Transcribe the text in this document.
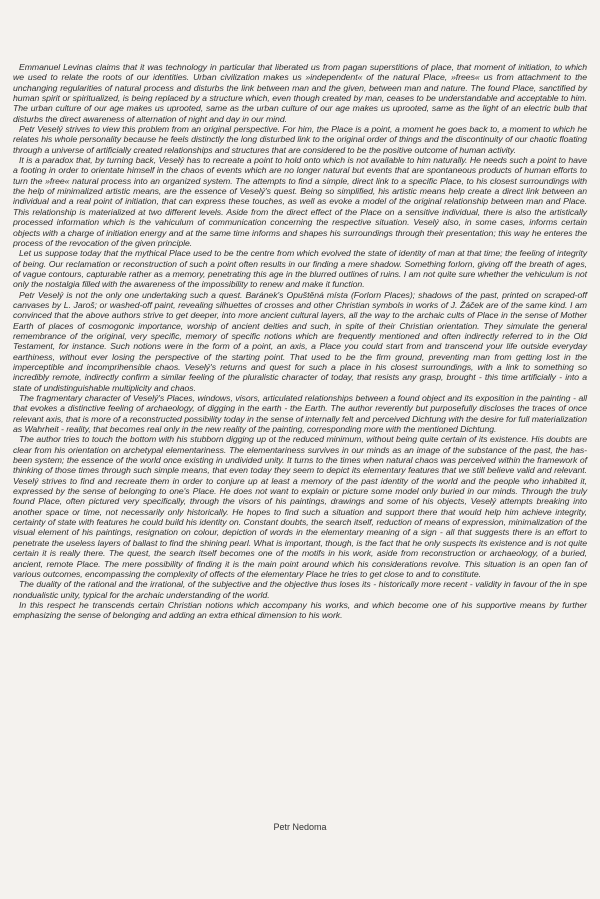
Emmanuel Levinas claims that it was technology in particular that liberated us from pagan superstitions of place, that moment of initiation, to which we used to relate the roots of our identities. Urban civilization makes us »independent« of the natural Place, »frees« us from attachment to the unchanging regularities of natural process and disturbs the link between man and the given, between man and nature. The found Place, sanctified by human spirit or spiritualized, is being replaced by a structure which, even though created by man, ceases to be understandable and acceptable to him. The urban culture of our age makes us uprooted, same as the urban culture of our age makes us uprooted, same as the light of an electric bulb that disturbs the direct awareness of alternation of night and day in our mind.

Petr Veselý strives to view this problem from an original perspective. For him, the Place is a point, a moment he goes back to, a moment to which he relates his whole personality because he feels distinctly the long disturbed link to the original order of things and the discontinuity of our chaotic floating through a universe of artificially created relationships and structures that are considered to be the positive outcome of human activity.

It is a paradox that, by turning back, Veselý has to recreate a point to hold onto which is not available to him naturally. He needs such a point to have a footing in order to orientate himself in the chaos of events which are no longer natural but events that are spontaneous products of human efforts to turn the »free« natural process into an organized system. The attempts to find a simple, direct link to a specific Place, to his closest surroundings with the help of minimalized artistic means, are the essence of Veselý's quest. Being so simplified, his artistic means help create a direct link between an individual and a real point of initiation, that can express these touches, as well as evoke a model of the original relationship between man and Place. This relationship is materialized at two different levels. Aside from the direct effect of the Place on a sensitive individual, there is also the artistically processed information which is the vahiculum of communication concerning the respective situation. Veselý also, in some cases, informs certain objects with a charge of initiation energy and at the same time informs and shapes his surroundings through their presentation; this way he enteres the process of the revocation of the given principle.

Let us suppose today that the mythical Place used to be the centre from which evolved the state of identity of man at that time; the feeling of integrity of being. Our reclamation or reconstruction of such a point often results in our finding a mere shadow. Something forlorn, giving off the breath of ages, of vague contours, capturable rather as a memory, penetrating this age in the blurred outlines of ruins. I am not quite sure whether the vehiculum is not only the nostalgia filled with the awareness of the impossibility to renew and make it function.

Petr Veselý is not the only one undertaking such a quest. Baránek's Opuštěná místa (Forlorn Places); shadows of the past, printed on scraped-off canvases by L. Jaroš; or washed-off paint, revealing silhuettes of crosses and other Christian symbols in works of J. Žáček are of the same kind. I am convinced that the above authors strive to get deeper, into more ancient cultural layers, all the way to the archaic cults of Place in the sense of Mother Earth of places of cosmogonic importance, worship of ancient deities and such, in spite of their Christian orientation. They simulate the general remembrance of the original, very specific, memory of specific notions which are frequently mentioned and often indirectly referred to in the Old Testament, for instance. Such notions were in the form of a point, an axis, a Place you could start from and transcend your life outside everyday earthiness, without ever losing the perspective of the starting point. That used to be the firm ground, preventing man from getting lost in the imperceptible and incomprihensible chaos. Veselý's returns and quest for such a place in his closest surroundings, with a link to something so incredibly remote, indirectly confirm a similar feeling of the pluralistic character of today, that resists any grasp, brought - this time artificially - into a state of undistinguishable multiplicity and chaos.

The fragmentary character of Veselý's Places, windows, visors, articulated relationships between a found object and its exposition in the painting - all that evokes a distinctive feeling of archaeology, of digging in the earth - the Earth. The author reverently but purposefully discloses the traces of once relevant axis, that is more of a reconstructed possibility today in the sense of internally felt and perceived Dichtung with the desire for full materialization as Wahrheit - reality, that becomes real only in the new reality of the painting, corresponding more with the mentioned Dichtung.

The author tries to touch the bottom with his stubborn digging up ot the reduced minimum, without being quite certain of its existence. His doubts are clear from his orientation on archetypal elementariness. The elementariness survives in our minds as an image of the substance of the past, the has-been system; the essence of the world once existing in undivided unity. It turns to the times when natural chaos was perceived within the framework of thinking of those times through such simple means, that even today they seem to depict its elementary features that we still believe valid and relevant. Veselý strives to find and recreate them in order to conjure up at least a memory of the past identity of the world and the people who inhabited it, expressed by the sense of belonging to one's Place. He does not want to explain or picture some model only buried in our minds. Through the truly found Place, often pictured very specifically, through the visors of his paintings, drawings and some of his objects, Veselý attempts breaking into another space or time, not necessarily only historically. He hopes to find such a situation and support there that would help him achieve integrity, certainty of state with features he could build his identity on. Constant doubts, the search itself, reduction of means of expression, minimalization of the visual element of his paintings, resignation on colour, depiction of words in the elementary meaning of a sign - all that suggests there is an effort to penetrate the useless layers of ballast to find the shining pearl. What is important, though, is the fact that he only suspects its existence and is not quite certain it is really there. The quest, the search itself becomes one of the motifs in his work, aside from reconstruction or archaeology, of a buried, ancient, remote Place. The mere possibility of finding it is the main point around which his considerations revolve. This situation is an open fan of various outcomes, encompassing the complexity of offects of the elementary Place he tries to get close to and to constitute.

The duality of the rational and the irrational, of the subjective and the objective thus loses its - historically more recent - validity in favour of the in spe nondualistic unity, typical for the archaic understanding of the world.

In this respect he transcends certain Christian notions which accompany his works, and which become one of his supportive means by further emphasizing the sense of belonging and adding an extra ethical dimension to his work.

Petr Nedoma
